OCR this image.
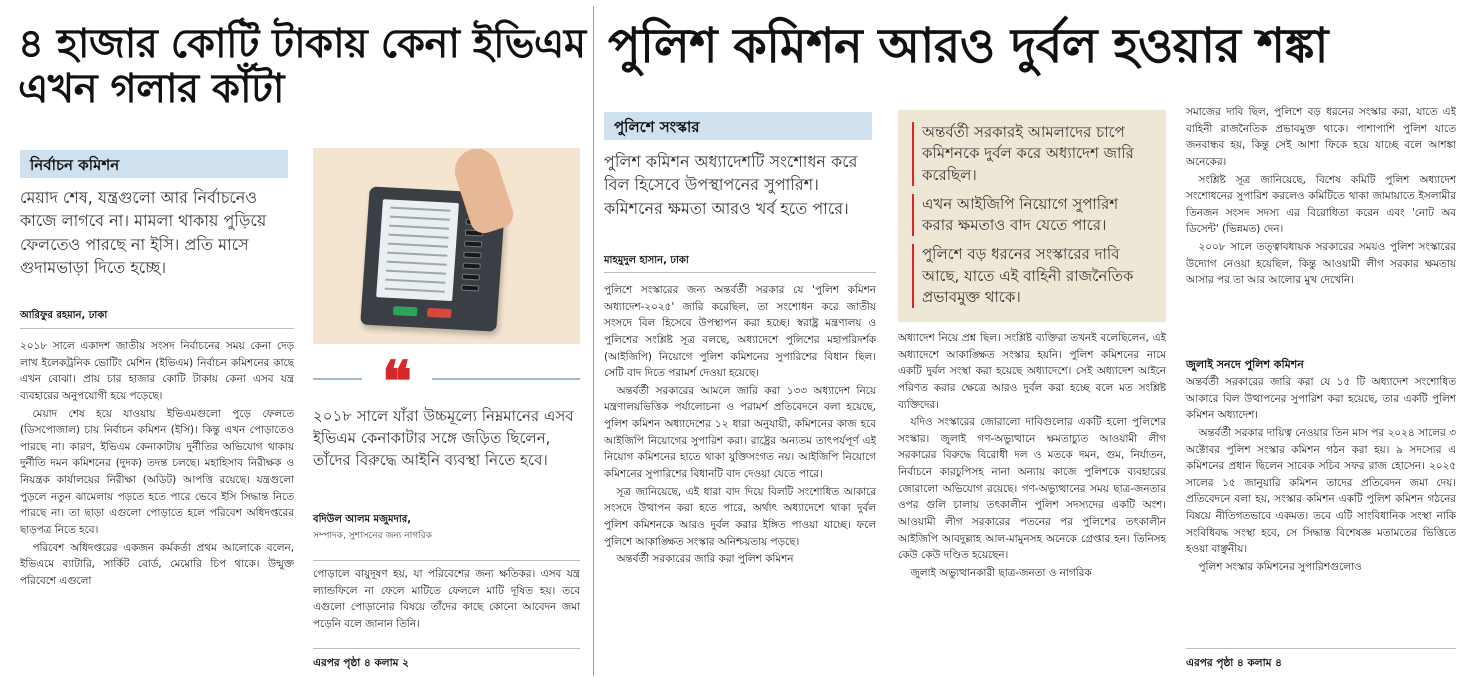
৪ হাজার কোটি টাকায় কেনা ইভিএম এখন গলার কাঁটা
নির্বাচন কমিশন
মেয়াদ শেষ, যন্ত্রগুলো আর নির্বাচনেও কাজে লাগবে না। মামলা থাকায় পুড়িয়ে ফেলতেও পারছে না ইসি। প্রতি মাসে গুদামভাড়া দিতে হচ্ছে।
আরিফুর রহমান, ঢাকা

২০১৮ সালে একাদশ জাতীয় সংসদ নির্বাচনের সময় কেনা দেড় লাখ ইলেকট্রনিক ভোটিং মেশিন (ইভিএম) নির্বাচন কমিশনের কাছে এখন বোঝা। প্রায় চার হাজার কোটি টাকায় কেনা এসব যন্ত্র ব্যবহারের অনুপযোগী হয়ে পড়েছে।

মেয়াদ শেষ হয়ে যাওয়ায় ইভিএমগুলো পুড়ে ফেলতে (ডিসপোজাল) চায় নির্বাচন কমিশন (ইসি)। কিন্তু এখন পোড়াতেও পারছে না। কারণ, ইভিএম কেনাকাটায় দুর্নীতির অভিযোগ থাকায় দুর্নীতি দমন কমিশনের (দুদক) তদন্ত চলছে। মহাহিসাব নিরীক্ষক ও নিয়ন্ত্রক কার্যালয়ের নিরীক্ষা (অডিট) আপত্তি রয়েছে। যন্ত্রগুলো পুড়লে নতুন ঝামেলায় পড়তে হতে পারে ভেবে ইসি সিদ্ধান্ত নিতে পারছে না। তা ছাড়া এগুলো পোড়াতে হলে পরিবেশ অধিদপ্তরের ছাড়পত্র নিতে হবে।

পরিবেশ অধিদপ্তরের একজন কর্মকর্তা প্রথম আলোকে বলেন, ইভিএমে ব্যাটারি, সার্কিট বোর্ড, মেমোরি চিপ থাকে। উন্মুক্ত পরিবেশে এগুলো

❝
২০১৮ সালে যাঁরা উচ্চমূল্যে নিম্নমানের এসব ইভিএম কেনাকাটার সঙ্গে জড়িত ছিলেন, তাঁদের বিরুদ্ধে আইনি ব্যবস্থা নিতে হবে।
বদিউল আলম মজুমদার,
সম্পাদক, সুশাসনের জন্য নাগরিক

পোড়ালে বায়ুদূষণ হয়, যা পরিবেশের জন্য ক্ষতিকর। এসব যন্ত্র ল্যান্ডফিলে না ফেলে মাটিতে ফেললে মাটি দূষিত হয়। তবে এগুলো পোড়ানোর বিষয়ে তাঁদের কাছে কোনো আবেদন জমা পড়েনি বলে জানান তিনি।

এরপর পৃষ্ঠা ৪ কলাম ২
পুলিশ কমিশন আরও দুর্বল হওয়ার শঙ্কা
পুলিশে সংস্কার
পুলিশ কমিশন অধ্যাদেশটি সংশোধন করে বিল হিসেবে উপস্থাপনের সুপারিশ। কমিশনের ক্ষমতা আরও খর্ব হতে পারে।
মাহমুদুল হাসান, ঢাকা

পুলিশে সংস্কারের জন্য অন্তর্বর্তী সরকার যে 'পুলিশ কমিশন অধ্যাদেশ-২০২৫' জারি করেছিল, তা সংশোধন করে জাতীয় সংসদে বিল হিসেবে উপস্থাপন করা হচ্ছে। স্বরাষ্ট্র মন্ত্রণালয় ও পুলিশের সংশ্লিষ্ট সূত্র বলছে, অধ্যাদেশে পুলিশের মহাপরিদর্শক (আইজিপি) নিয়োগে পুলিশ কমিশনের সুপারিশের বিধান ছিল। সেটি বাদ দিতে পরামর্শ দেওয়া হয়েছে।

অন্তর্বর্তী সরকারের আমলে জারি করা ১৩৩ অধ্যাদেশ নিয়ে মন্ত্রণালয়ভিত্তিক পর্যালোচনা ও পরামর্শ প্রতিবেদনে বলা হয়েছে, পুলিশ কমিশন অধ্যাদেশের ১২ ধারা অনুযায়ী, কমিশনের কাজ হবে আইজিপি নিয়োগের সুপারিশ করা। রাষ্ট্রের অন্যতম তাৎপর্যপূর্ণ এই নিয়োগ কমিশনের হাতে থাকা যুক্তিসংগত নয়। আইজিপি নিয়োগে কমিশনের সুপারিশের বিধানটি বাদ দেওয়া যেতে পারে।

সূত্র জানিয়েছে, এই ধারা বাদ দিয়ে বিলটি সংশোধিত আকারে সংসদে উত্থাপন করা হতে পারে, অর্থাৎ অধ্যাদেশে থাকা দুর্বল পুলিশ কমিশনকে আরও দুর্বল করার ইঙ্গিত পাওয়া যাচ্ছে। ফলে পুলিশে আকাঙ্ক্ষিত সংস্কার অনিশ্চয়তায় পড়ছে।

অন্তর্বর্তী সরকারের জারি করা পুলিশ কমিশন

অন্তর্বর্তী সরকারই আমলাদের চাপে কমিশনকে দুর্বল করে অধ্যাদেশ জারি করেছিল।
এখন আইজিপি নিয়োগে সুপারিশ করার ক্ষমতাও বাদ যেতে পারে।
পুলিশে বড় ধরনের সংস্কারের দাবি আছে, যাতে এই বাহিনী রাজনৈতিক প্রভাবমুক্ত থাকে।

অধ্যাদেশ নিয়ে প্রশ্ন ছিল। সংশ্লিষ্ট ব্যক্তিরা তখনই বলেছিলেন, এই অধ্যাদেশে আকাঙ্ক্ষিত সংস্কার হয়নি। পুলিশ কমিশনের নামে একটি দুর্বল সংস্থা করা হয়েছে অধ্যাদেশে। সেই অধ্যাদেশ আইনে পরিণত করার ক্ষেত্রে আরও দুর্বল করা হচ্ছে বলে মত সংশ্লিষ্ট ব্যক্তিদের।

যদিও সংস্কারের জোরালো দাবিগুলোর একটি হলো পুলিশের সংস্কার। জুলাই গণ-অভ্যুত্থানে ক্ষমতাচ্যুত আওয়ামী লীগ সরকারের বিরুদ্ধে বিরোধী দল ও মতকে দমন, গুম, নির্যাতন, নির্বাচনে কারচুপিসহ নানা অন্যায় কাজে পুলিশকে ব্যবহারের জোরালো অভিযোগ রয়েছে। গণ-অভ্যুত্থানের সময় ছাত্র-জনতার ওপর গুলি চালায় তৎকালীন পুলিশ সদস্যদের একটি অংশ। আওয়ামী লীগ সরকারের পতনের পর পুলিশের তৎকালীন আইজিপি আবদুল্লাহ আল-মামুনসহ অনেকে গ্রেপ্তার হন। তিনিসহ কেউ কেউ দণ্ডিত হয়েছেন।

জুলাই অভ্যুত্থানকারী ছাত্র-জনতা ও নাগরিক

সমাজের দাবি ছিল, পুলিশে বড় ধরনের সংস্কার করা, যাতে এই বাহিনী রাজনৈতিক প্রভাবমুক্ত থাকে। পাশাপাশি পুলিশ যাতে জনবান্ধব হয়, কিন্তু সেই আশা ফিকে হয়ে যাচ্ছে বলে আশঙ্কা অনেকের।

সংশ্লিষ্ট সূত্র জানিয়েছে, বিশেষ কমিটি পুলিশ অধ্যাদেশ সংশোধনের সুপারিশ করলেও কমিটিতে থাকা জামায়াতে ইসলামীর তিনজন সংসদ সদস্য এর বিরোধিতা করেন এবং 'নোট অব ডিসেন্ট' (ভিন্নমত) দেন।

২০০৮ সালে তত্ত্বাবধায়ক সরকারের সময়ও পুলিশ সংস্কারের উদ্যোগ নেওয়া হয়েছিল, কিন্তু আওয়ামী লীগ সরকার ক্ষমতায় আসার পর তা আর আলোর মুখ দেখেনি।

জুলাই সনদে পুলিশ কমিশন

অন্তর্বর্তী সরকারের জারি করা যে ১৫ টি অধ্যাদেশ সংশোধিত আকারে বিল উত্থাপনের সুপারিশ করা হয়েছে, তার একটি পুলিশ কমিশন অধ্যাদেশ।

অন্তর্বর্তী সরকার দায়িত্ব নেওয়ার তিন মাস পর ২০২৪ সালের ৩ অক্টোবর পুলিশ সংস্কার কমিশন গঠন করা হয়। ৯ সদস্যের এ কমিশনের প্রধান ছিলেন সাবেক সচিব সফর রাজ হোসেন। ২০২৫ সালের ১৫ জানুয়ারি কমিশন তাদের প্রতিবেদন জমা দেয়। প্রতিবেদনে বলা হয়, সংস্কার কমিশন একটি পুলিশ কমিশন গঠনের বিষয়ে নীতিগতভাবে একমত। তবে এটি সাংবিধানিক সংস্থা নাকি সংবিধিবদ্ধ সংস্থা হবে, সে সিদ্ধান্ত বিশেষজ্ঞ মতামতের ভিত্তিতে হওয়া বাঞ্ছনীয়।

পুলিশ সংস্কার কমিশনের সুপারিশগুলোও

এরপর পৃষ্ঠা ৪ কলাম ৪
